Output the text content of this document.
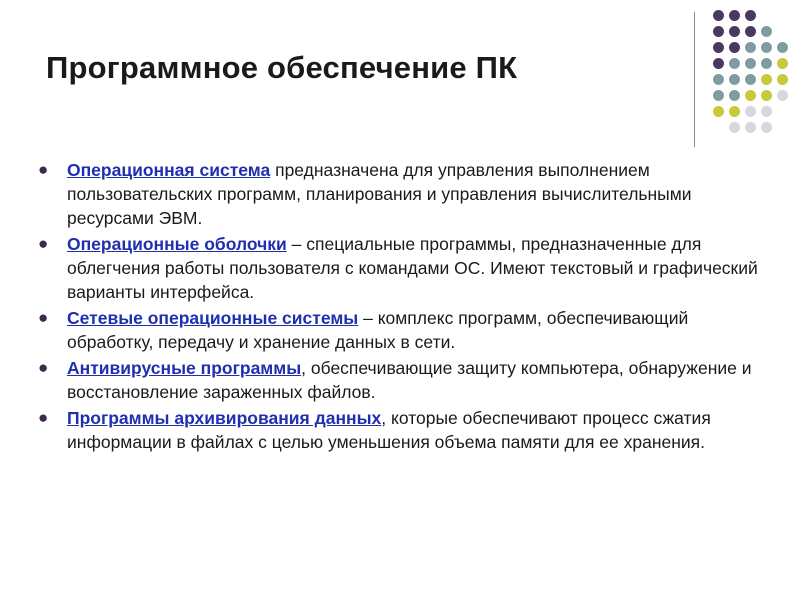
Программное обеспечение ПК
● Операционная система предназначена для управления выполнением пользовательских программ, планирования и управления вычислительными ресурсами ЭВМ.
● Операционные оболочки – специальные программы, предназначенные для облегчения работы пользователя с командами ОС. Имеют текстовый и графический варианты интерфейса.
● Сетевые операционные системы – комплекс программ, обеспечивающий обработку, передачу и хранение данных в сети.
● Антивирусные программы, обеспечивающие защиту компьютера, обнаружение и восстановление зараженных файлов.
● Программы архивирования данных, которые обеспечивают процесс сжатия информации в файлах с целью уменьшения объема памяти для ее хранения.
